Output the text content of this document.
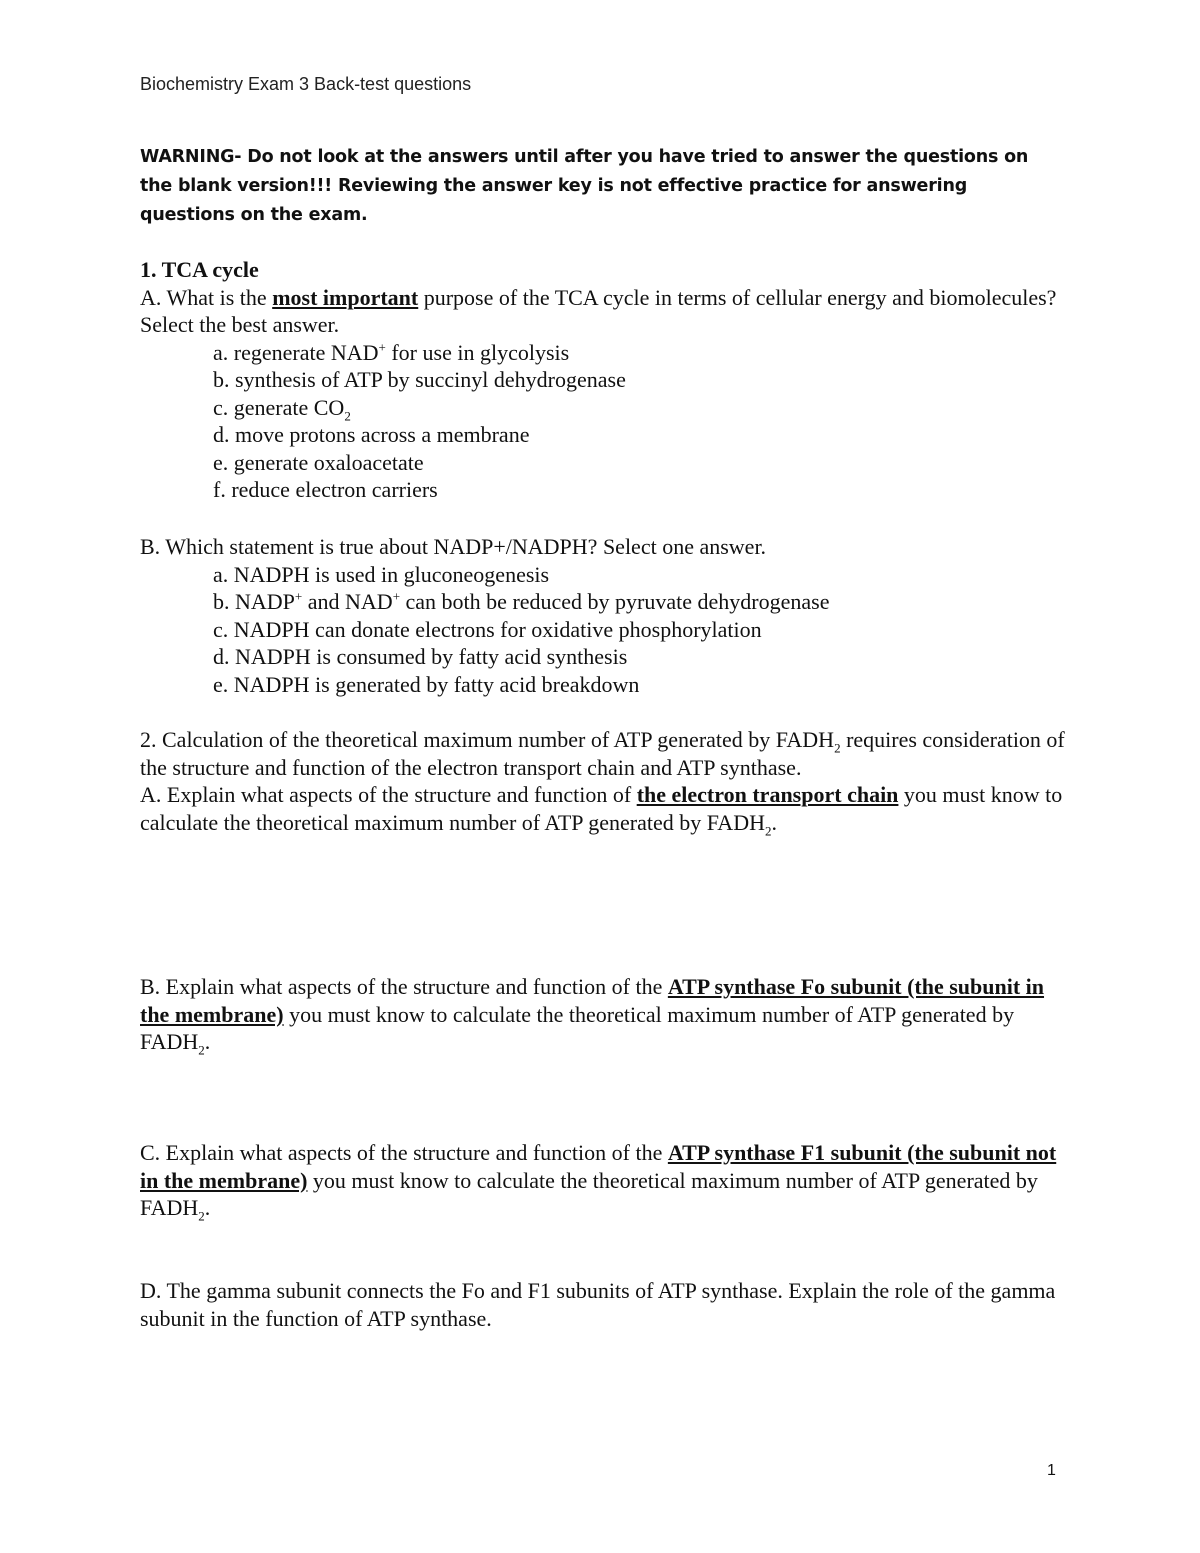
Biochemistry Exam 3 Back-test questions
WARNING- Do not look at the answers until after you have tried to answer the questions on the blank version!!! Reviewing the answer key is not effective practice for answering questions on the exam.

1. TCA cycle

A. What is the most important purpose of the TCA cycle in terms of cellular energy and biomolecules? Select the best answer.

a. regenerate NAD+ for use in glycolysis

b. synthesis of ATP by succinyl dehydrogenase

c. generate $CO_2$

d. move protons across a membrane

e. generate oxaloacetate

f. reduce electron carriers

B. Which statement is true about NADP+/NADPH? Select one answer.

a. NADPH is used in gluconeogenesis

b. NADP+ and NAD+ can both be reduced by pyruvate dehydrogenase

c. NADPH can donate electrons for oxidative phosphorylation

d. NADPH is consumed by fatty acid synthesis

e. NADPH is generated by fatty acid breakdown

2. Calculation of the theoretical maximum number of ATP generated by $FADH_2$ requires consideration of the structure and function of the electron transport chain and ATP synthase.

A. Explain what aspects of the structure and function of the electron transport chain you must know to calculate the theoretical maximum number of ATP generated by $FADH_2$.

B. Explain what aspects of the structure and function of the ATP synthase Fo subunit (the subunit in the membrane) you must know to calculate the theoretical maximum number of ATP generated by $FADH_2$.

C. Explain what aspects of the structure and function of the ATP synthase F1 subunit (the subunit not in the membrane) you must know to calculate the theoretical maximum number of ATP generated by $FADH_2$.

D. The gamma subunit connects the Fo and F1 subunits of ATP synthase. Explain the role of the gamma subunit in the function of ATP synthase.

1
